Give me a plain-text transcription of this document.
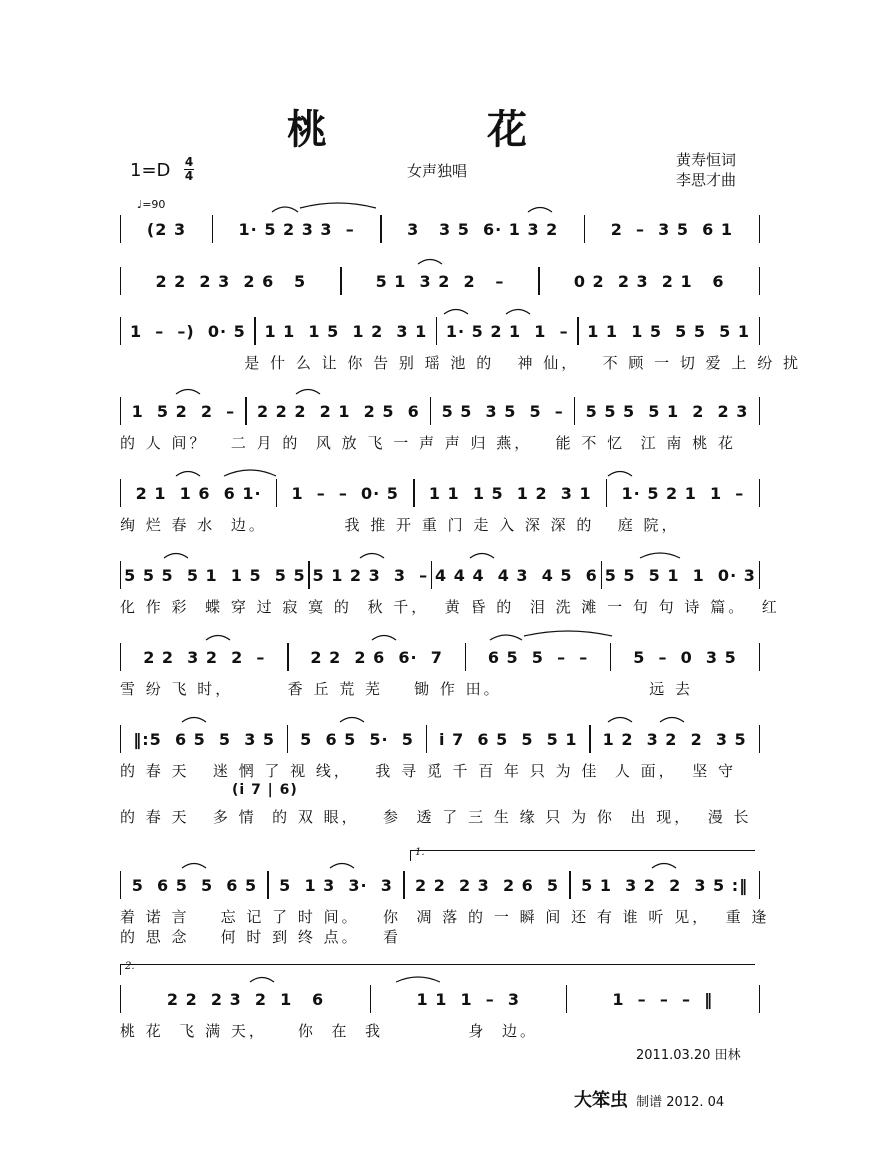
桃　花
1=D 4
4	女声独唱
黄寿恒词
李思才曲
♩=90
(2 3	1· 5 2 3 3  –	3   3 5  6· 1 3 2	2  –  3 5  6 1
2 2  2 3  2 6   5	5 1  3 2  2   –	0 2  2 3  2 1   6
1  –  –)  0· 5 1 1  1 5  1 2  3 1 1· 5 2 1  1  – 1 1  1 5  5 5  5 1
1  5 2  2  – 2 2 2  2 1  2 5  6 5 5  3 5  5  – 5 5 5  5 1  2  2 3
2 1  1 6  6 1· 1  –  –  0· 5 1 1  1 5  1 2  3 1 1· 5 2 1  1  –
5 5 5  5 1  1 5  5 5 5 1 2 3  3  – 4 4 4  4 3  4 5  6 5 5  5 1  1  0· 3
2 2  3 2  2  –	2 2  2 6  6·  7	6 5  5  –  –	5  –  0  3 5
‖:5  6 5  5  3 5 5  6 5  5·  5 i 7  6 5  5  5 1 1 2  3 2  2  3 5
5  6 5  5  6 5 5  1 3  3·  3 2 2  2 3  2 6  5 5 1  3 2  2  3 5 :‖
2 2  2 3  2  1   6	1 1  1  –  3	1  –  –  –  ‖
是 什 么 让 你 告 别 瑶 池 的   神 仙，   不 顾 一 切 爱 上 纷 扰
的 人 间？   二 月 的  风 放 飞 一 声 声 归 燕，   能 不 忆  江 南 桃 花
绚 烂 春 水  边。          我 推 开 重 门 走 入 深 深 的   庭 院，
化 作 彩  蝶 穿 过 寂 寞 的  秋 千，  黄 昏 的  泪 洗 滩 一 句 句 诗 篇。  红
雪 纷 飞 时，       香 丘 荒 芜    锄 作 田。                   远 去
的 春 天   迷 惘 了 视 线，   我 寻 觅 千 百 年 只 为 佳  人 面，  坚 守
的 春 天   多 情  的 双 眼，   参  透 了 三 生 缘 只 为 你  出 现，  漫 长
着 诺 言    忘 记 了 时 间。   你  凋 落 的 一 瞬 间 还 有 谁 听 见，  重 逢
的 思 念    何 时 到 终 点。   看
桃 花  飞 满 天，    你  在  我           身  边。
(i 7 | 6)
1.
2.
2011.03.20 田林
大笨虫 制谱 2012. 04
